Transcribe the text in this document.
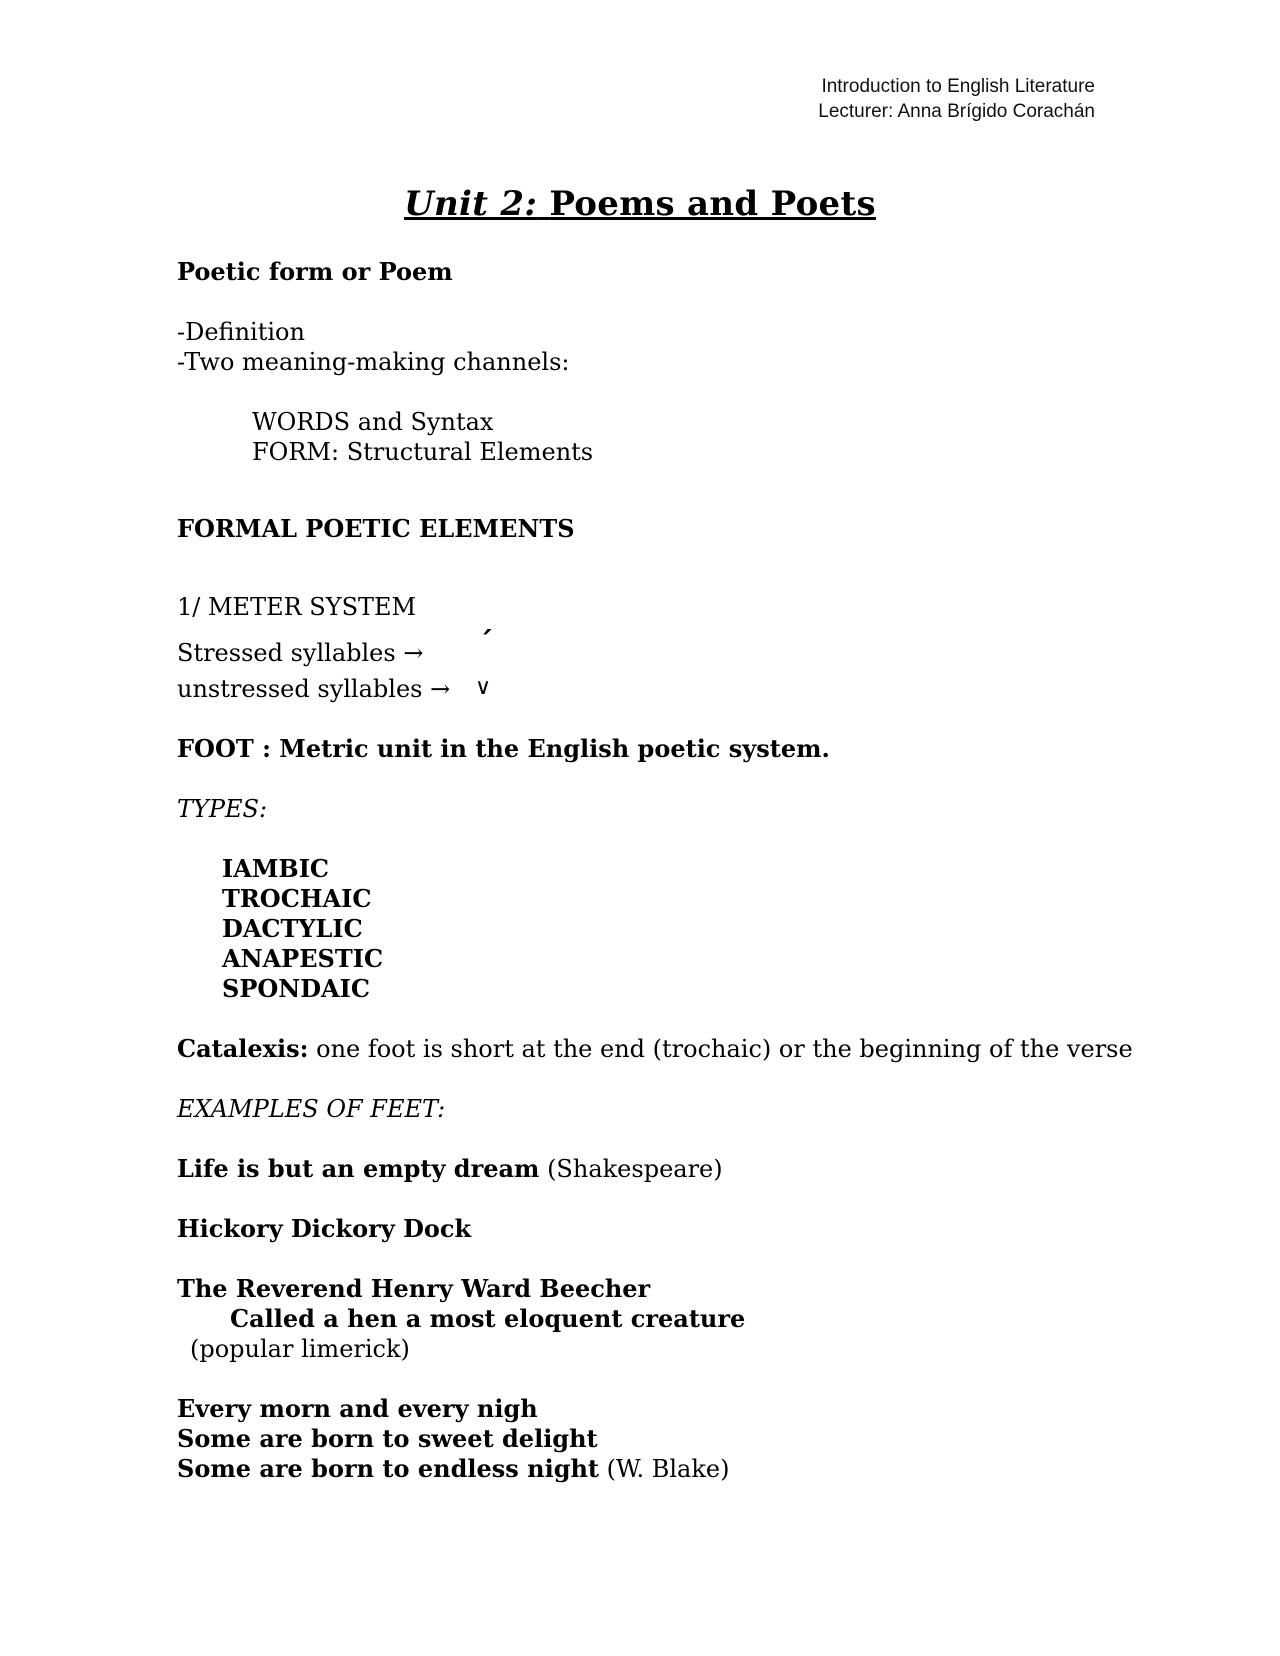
Introduction to English Literature
Lecturer: Anna Brígido Corachán
Unit 2: Poems and Poets
Poetic form or Poem
-Definition
-Two meaning-making channels:
WORDS and Syntax
FORM: Structural Elements
FORMAL POETIC ELEMENTS
1/ METER SYSTEM
Stressed syllables → ´
unstressed syllables → ∨
FOOT : Metric unit in the English poetic system.
TYPES:
IAMBIC
TROCHAIC
DACTYLIC
ANAPESTIC
SPONDAIC
Catalexis: one foot is short at the end (trochaic) or the beginning of the verse
EXAMPLES OF FEET:
Life is but an empty dream (Shakespeare)
Hickory Dickory Dock
The Reverend Henry Ward Beecher
Called a hen a most eloquent creature
(popular limerick)
Every morn and every nigh
Some are born to sweet delight
Some are born to endless night (W. Blake)
